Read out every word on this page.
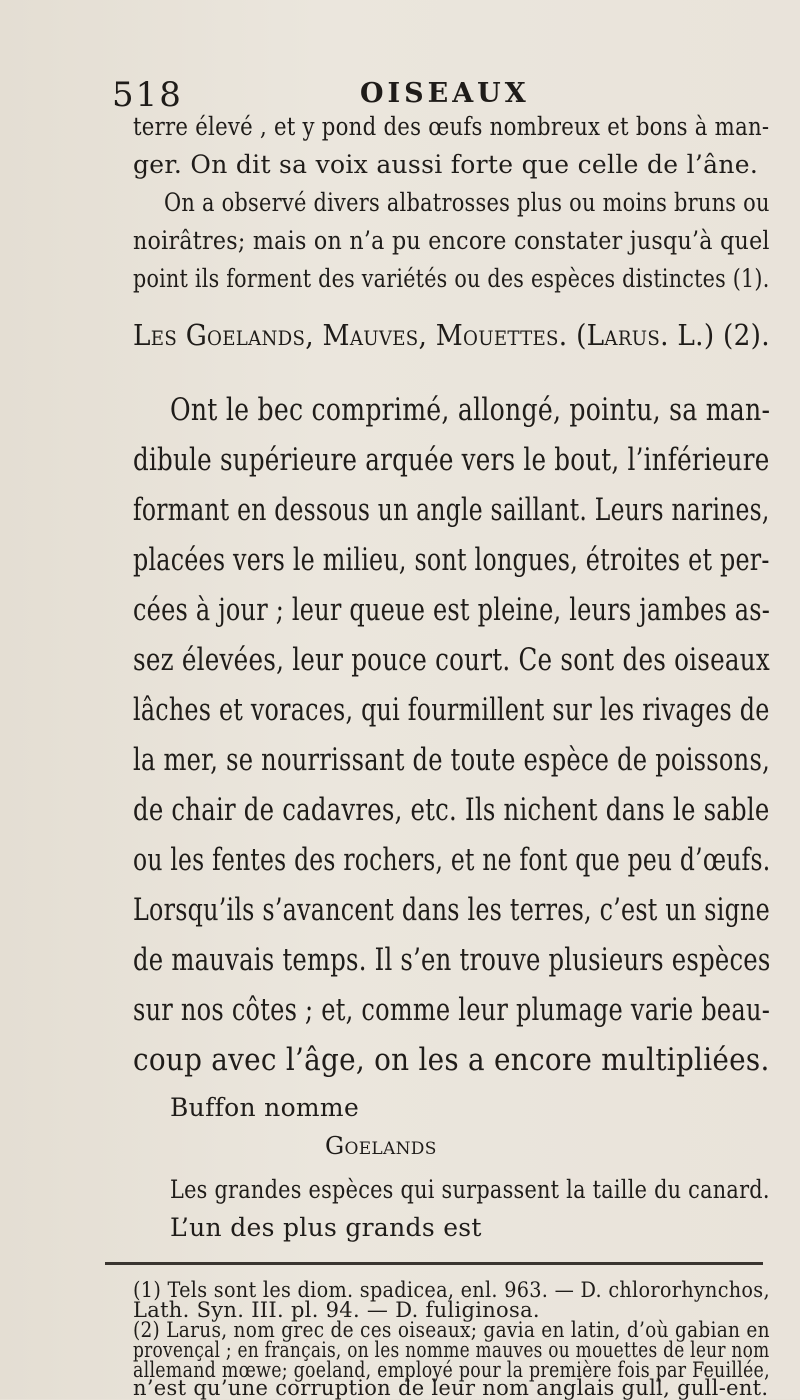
518	OISEAUX
terre élevé , et y pond des œufs nombreux et bons à man-
ger. On dit sa voix aussi forte que celle de l’âne.
On a observé divers albatrosses plus ou moins bruns ou
noirâtres; mais on n’a pu encore constater jusqu’à quel
point ils forment des variétés ou des espèces distinctes (1).
Les Goelands, Mauves, Mouettes. (Larus. L.) (2).
Ont le bec comprimé, allongé, pointu, sa man-
dibule supérieure arquée vers le bout, l’inférieure
formant en dessous un angle saillant. Leurs narines,
placées vers le milieu, sont longues, étroites et per-
cées à jour ; leur queue est pleine, leurs jambes as-
sez élevées, leur pouce court. Ce sont des oiseaux
lâches et voraces, qui fourmillent sur les rivages de
la mer, se nourrissant de toute espèce de poissons,
de chair de cadavres, etc. Ils nichent dans le sable
ou les fentes des rochers, et ne font que peu d’œufs.
Lorsqu’ils s’avancent dans les terres, c’est un signe
de mauvais temps. Il s’en trouve plusieurs espèces
sur nos côtes ; et, comme leur plumage varie beau-
coup avec l’âge, on les a encore multipliées.
Buffon nomme
Goelands
Les grandes espèces qui surpassent la taille du canard.
L’un des plus grands est
(1) Tels sont les diom. spadicea, enl. 963. — D. chlororhynchos,
Lath. Syn. III. pl. 94. — D. fuliginosa.
(2) Larus, nom grec de ces oiseaux; gavia en latin, d’où gabian en
provençal ; en français, on les nomme mauves ou mouettes de leur nom
allemand mœwe; goeland, employé pour la première fois par Feuillée,
n’est qu’une corruption de leur nom anglais gull, gull-ent.
